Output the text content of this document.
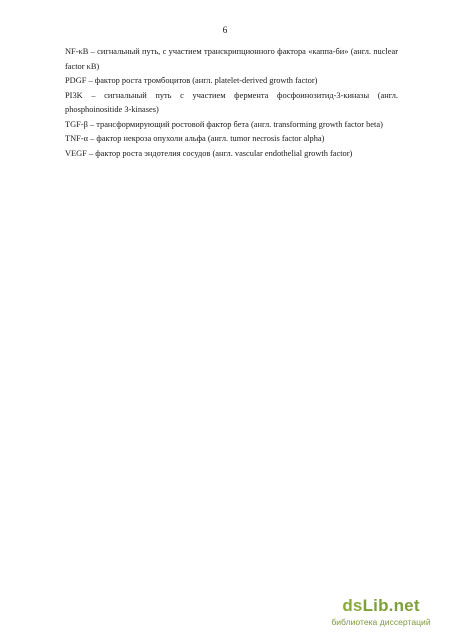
6

NF-κB – сигнальный путь, с участием транскрипционного фактора «каппа-би» (англ. nuclear factor κB)

PDGF – фактор роста тромбоцитов (англ. platelet-derived growth factor)

PI3K – сигнальный путь с участием фермента фосфоинозитид-3-киназы (англ. phosphoinositide 3-kinases)

TGF-β – трансформирующий ростовой фактор бета (англ. transforming growth factor beta)

TNF-α – фактор некроза опухоли альфа (англ. tumor necrosis factor alpha)

VEGF – фактор роста эндотелия сосудов (англ. vascular endothelial growth factor)

dsLib.net
библиотека диссертаций
